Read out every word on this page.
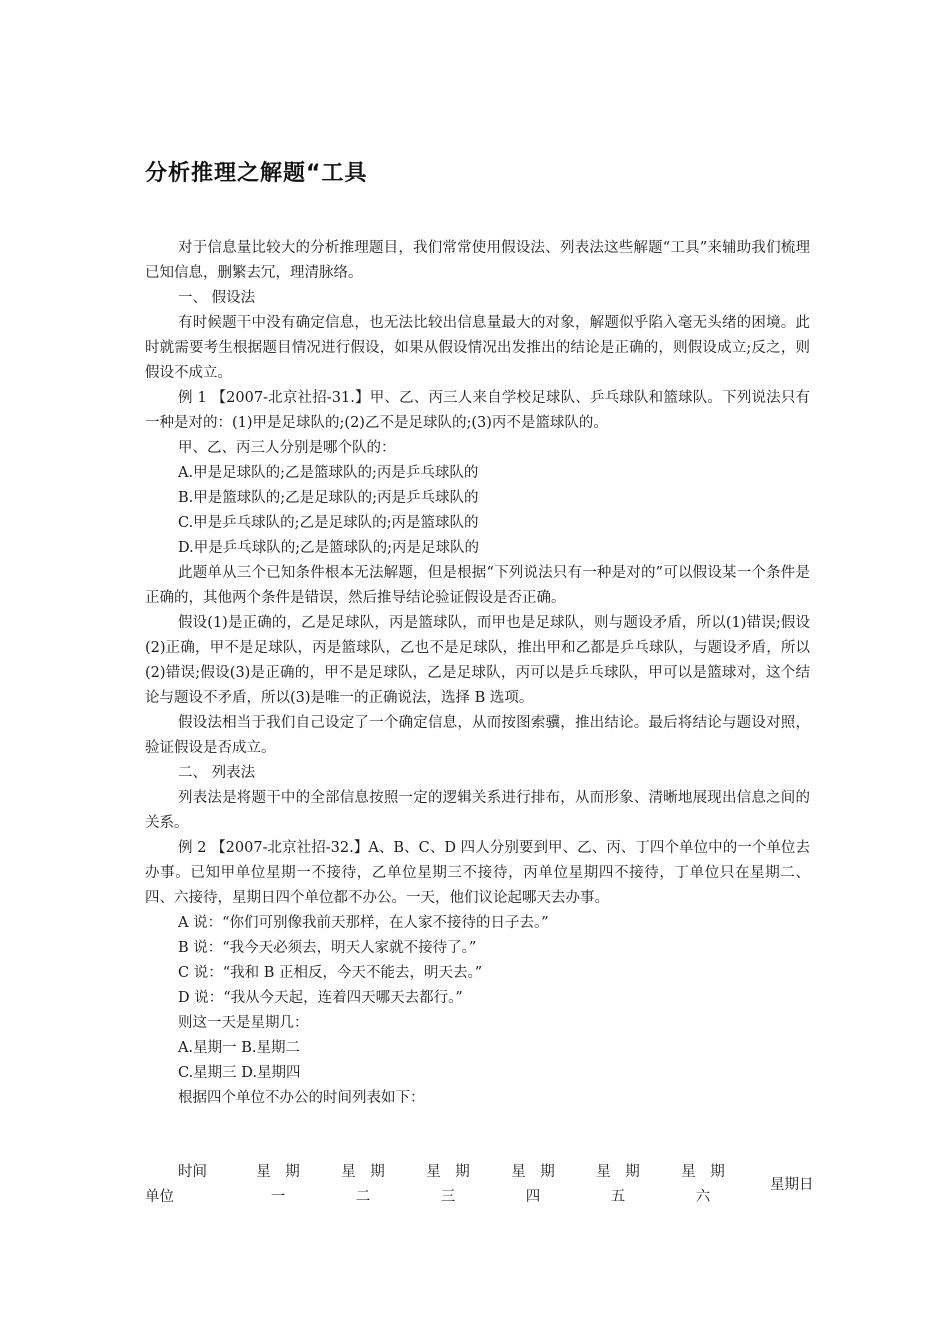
分析推理之解题“工具

对于信息量比较大的分析推理题目，我们常常使用假设法、列表法这些解题“工具”来辅助我们梳理已知信息，删繁去冗，理清脉络。

一、 假设法

有时候题干中没有确定信息，也无法比较出信息量最大的对象，解题似乎陷入毫无头绪的困境。此时就需要考生根据题目情况进行假设，如果从假设情况出发推出的结论是正确的，则假设成立;反之，则假设不成立。

例 1 【2007-北京社招-31.】甲、乙、丙三人来自学校足球队、乒乓球队和篮球队。下列说法只有一种是对的：(1)甲是足球队的;(2)乙不是足球队的;(3)丙不是篮球队的。

甲、乙、丙三人分别是哪个队的：

A.甲是足球队的;乙是篮球队的;丙是乒乓球队的

B.甲是篮球队的;乙是足球队的;丙是乒乓球队的

C.甲是乒乓球队的;乙是足球队的;丙是篮球队的

D.甲是乒乓球队的;乙是篮球队的;丙是足球队的

此题单从三个已知条件根本无法解题，但是根据“下列说法只有一种是对的”可以假设某一个条件是正确的，其他两个条件是错误，然后推导结论验证假设是否正确。

假设(1)是正确的，乙是足球队，丙是篮球队，而甲也是足球队，则与题设矛盾，所以(1)错误;假设(2)正确，甲不是足球队，丙是篮球队，乙也不是足球队，推出甲和乙都是乒乓球队，与题设矛盾，所以(2)错误;假设(3)是正确的，甲不是足球队，乙是足球队，丙可以是乒乓球队，甲可以是篮球对，这个结论与题设不矛盾，所以(3)是唯一的正确说法，选择 B 选项。

假设法相当于我们自己设定了一个确定信息，从而按图索骥，推出结论。最后将结论与题设对照，验证假设是否成立。

二、 列表法

列表法是将题干中的全部信息按照一定的逻辑关系进行排布，从而形象、清晰地展现出信息之间的关系。

例 2 【2007-北京社招-32.】A、B、C、D 四人分别要到甲、乙、丙、丁四个单位中的一个单位去办事。已知甲单位星期一不接待，乙单位星期三不接待，丙单位星期四不接待，丁单位只在星期二、四、六接待，星期日四个单位都不办公。一天，他们议论起哪天去办事。

A 说：“你们可别像我前天那样，在人家不接待的日子去。”

B 说：“我今天必须去，明天人家就不接待了。”

C 说：“我和 B 正相反，今天不能去，明天去。”

D 说：“我从今天起，连着四天哪天去都行。”

则这一天是星期几：

A.星期一 B.星期二

C.星期三 D.星期四

根据四个单位不办公的时间列表如下：

时间
单位
星　期
一
星　期
二
星　期
三
星　期
四
星　期
五
星　期
六
星期日
